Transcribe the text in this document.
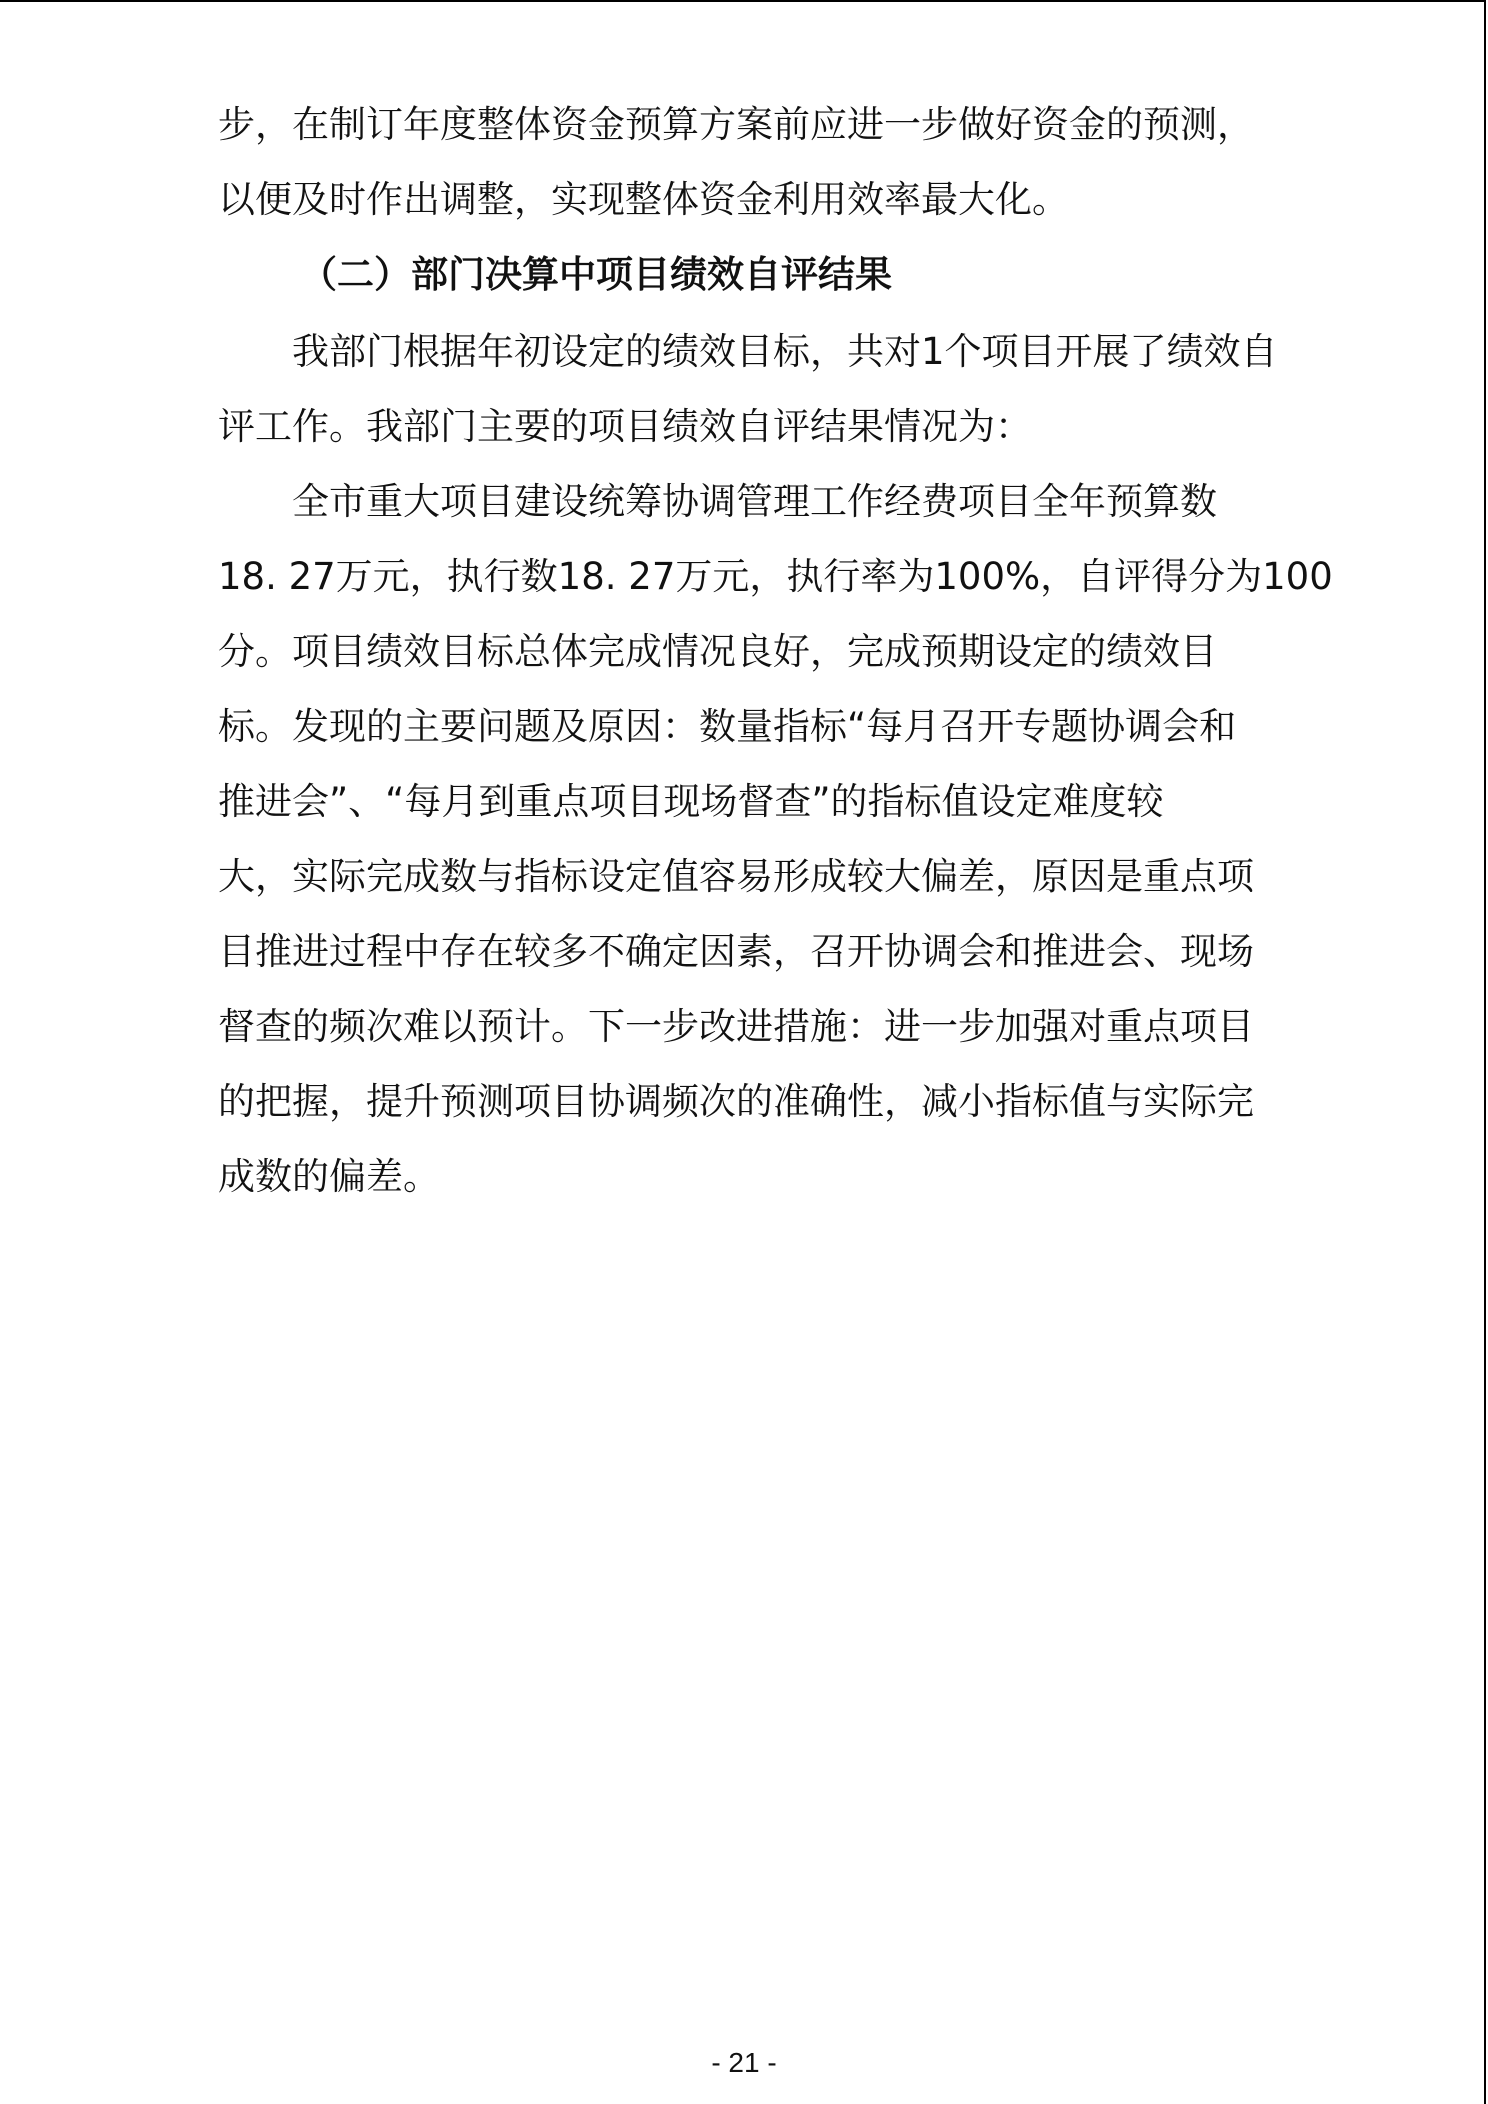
步，在制订年度整体资金预算方案前应进一步做好资金的预测，
以便及时作出调整，实现整体资金利用效率最大化。
（二）部门决算中项目绩效自评结果
我部门根据年初设定的绩效目标，共对1个项目开展了绩效自
评工作。我部门主要的项目绩效自评结果情况为：
全市重大项目建设统筹协调管理工作经费项目全年预算数
18. 27万元，执行数18. 27万元，执行率为100%，自评得分为100
分。项目绩效目标总体完成情况良好，完成预期设定的绩效目
标。发现的主要问题及原因：数量指标“每月召开专题协调会和
推进会”、“每月到重点项目现场督查”的指标值设定难度较
大，实际完成数与指标设定值容易形成较大偏差，原因是重点项
目推进过程中存在较多不确定因素，召开协调会和推进会、现场
督查的频次难以预计。下一步改进措施：进一步加强对重点项目
的把握，提升预测项目协调频次的准确性，减小指标值与实际完
成数的偏差。
- 21 -
